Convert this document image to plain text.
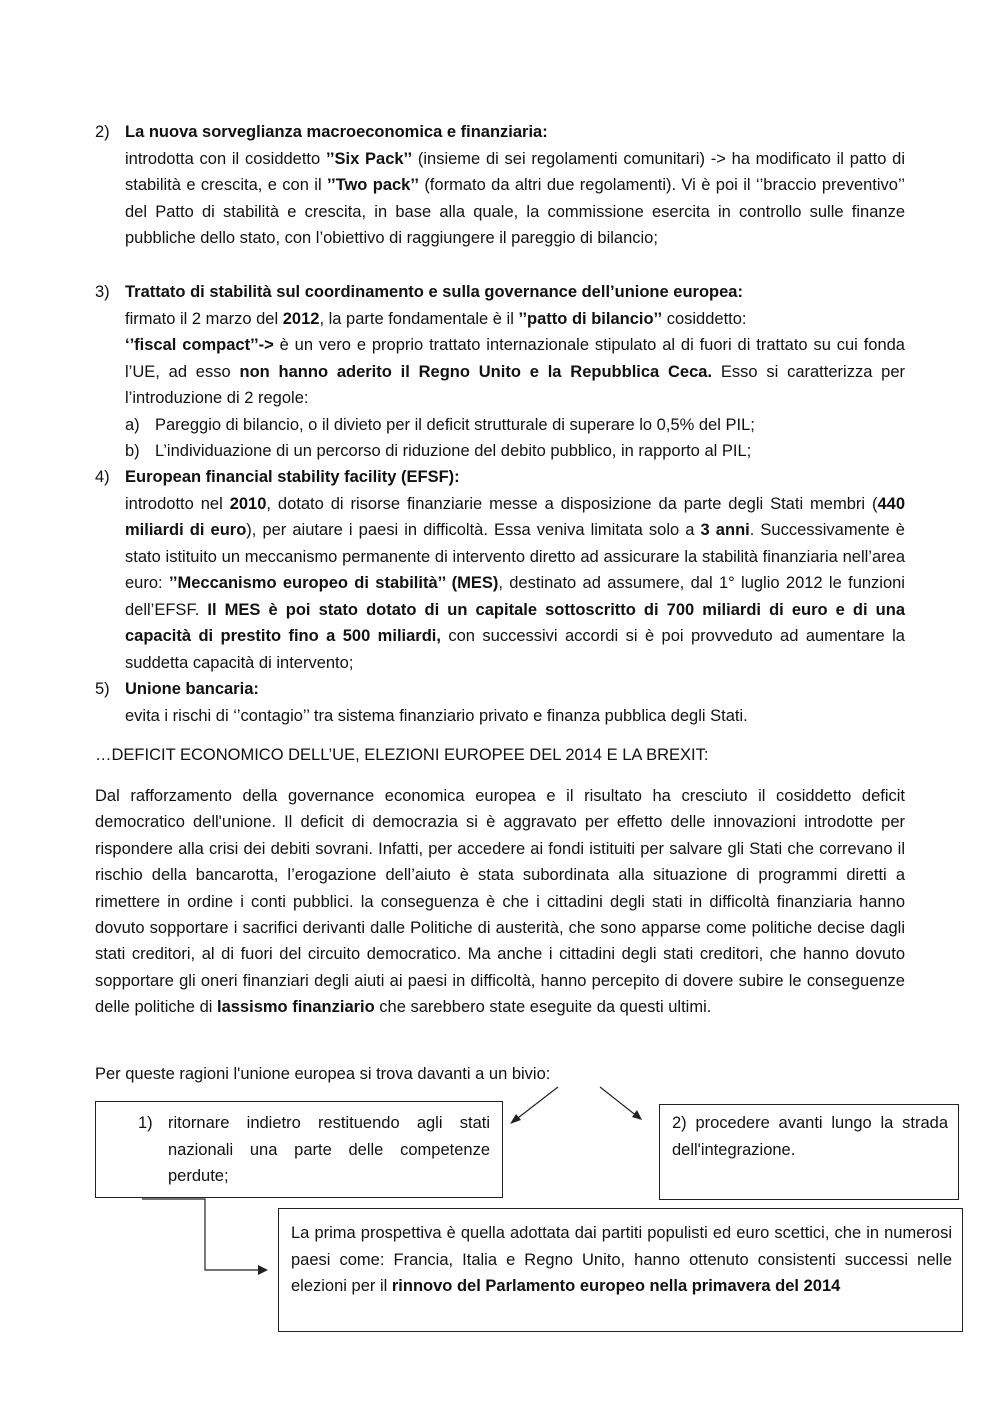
2) La nuova sorveglianza macroeconomica e finanziaria:
introdotta con il cosiddetto ’’Six Pack’’ (insieme di sei regolamenti comunitari) -> ha modificato il patto di stabilità e crescita, e con il ’’Two pack’’ (formato da altri due regolamenti). Vi è poi il ‘’braccio preventivo’’ del Patto di stabilità e crescita, in base alla quale, la commissione esercita in controllo sulle finanze pubbliche dello stato, con l’obiettivo di raggiungere il pareggio di bilancio;
3) Trattato di stabilità sul coordinamento e sulla governance dell’unione europea:
firmato il 2 marzo del 2012, la parte fondamentale è il ’’patto di bilancio’’ cosiddetto:
‘’fiscal compact’’-> è un vero e proprio trattato internazionale stipulato al di fuori di trattato su cui fonda l’UE, ad esso non hanno aderito il Regno Unito e la Repubblica Ceca. Esso si caratterizza per l’introduzione di 2 regole:
a) Pareggio di bilancio, o il divieto per il deficit strutturale di superare lo 0,5% del PIL;
b) L’individuazione di un percorso di riduzione del debito pubblico, in rapporto al PIL;
4) European financial stability facility (EFSF):
introdotto nel 2010, dotato di risorse finanziarie messe a disposizione da parte degli Stati membri (440 miliardi di euro), per aiutare i paesi in difficoltà. Essa veniva limitata solo a 3 anni. Successivamente è stato istituito un meccanismo permanente di intervento diretto ad assicurare la stabilità finanziaria nell’area euro: ’’Meccanismo europeo di stabilità’’ (MES), destinato ad assumere, dal 1° luglio 2012 le funzioni dell’EFSF. Il MES è poi stato dotato di un capitale sottoscritto di 700 miliardi di euro e di una capacità di prestito fino a 500 miliardi, con successivi accordi si è poi provveduto ad aumentare la suddetta capacità di intervento;
5) Unione bancaria:
evita i rischi di ‘’contagio’’ tra sistema finanziario privato e finanza pubblica degli Stati.
…DEFICIT ECONOMICO DELL’UE, ELEZIONI EUROPEE DEL 2014 E LA BREXIT:
Dal rafforzamento della governance economica europea e il risultato ha cresciuto il cosiddetto deficit democratico dell'unione. Il deficit di democrazia si è aggravato per effetto delle innovazioni introdotte per rispondere alla crisi dei debiti sovrani. Infatti, per accedere ai fondi istituiti per salvare gli Stati che correvano il rischio della bancarotta, l’erogazione dell’aiuto è stata subordinata alla situazione di programmi diretti a rimettere in ordine i conti pubblici. la conseguenza è che i cittadini degli stati in difficoltà finanziaria hanno dovuto sopportare i sacrifici derivanti dalle Politiche di austerità, che sono apparse come politiche decise dagli stati creditori, al di fuori del circuito democratico. Ma anche i cittadini degli stati creditori, che hanno dovuto sopportare gli oneri finanziari degli aiuti ai paesi in difficoltà, hanno percepito di dovere subire le conseguenze delle politiche di lassismo finanziario che sarebbero state eseguite da questi ultimi.
Per queste ragioni l'unione europea si trova davanti a un bivio:
1) ritornare indietro restituendo agli stati nazionali una parte delle competenze perdute;
2) procedere avanti lungo la strada dell'integrazione.
La prima prospettiva è quella adottata dai partiti populisti ed euro scettici, che in numerosi paesi come: Francia, Italia e Regno Unito, hanno ottenuto consistenti successi nelle elezioni per il rinnovo del Parlamento europeo nella primavera del 2014
